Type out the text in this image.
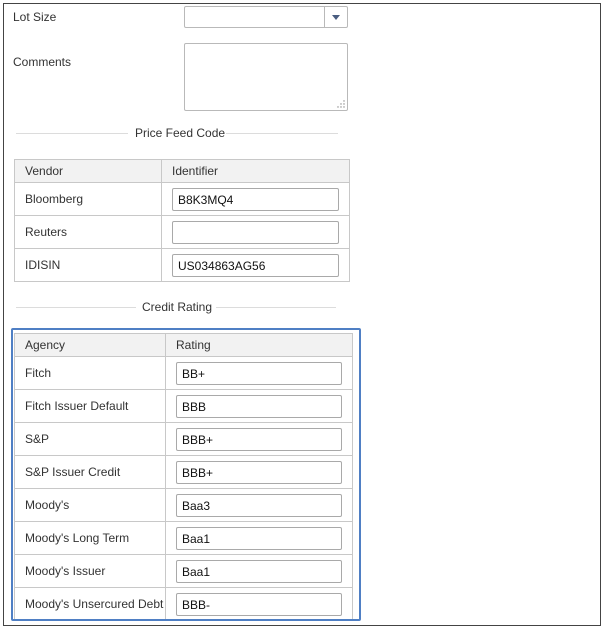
Lot Size
Comments
Price Feed Code
Vendor	Identifier
Bloomberg	B8K3MQ4

Reuters	

IDISIN	US034863AG56
Credit Rating
Agency	Rating
Fitch	BB+

Fitch Issuer Default	BBB

S&P	BBB+

S&P Issuer Credit	BBB+

Moody's	Baa3

Moody's Long Term	Baa1

Moody's Issuer	Baa1

Moody's Unsercured Debt	BBB-
